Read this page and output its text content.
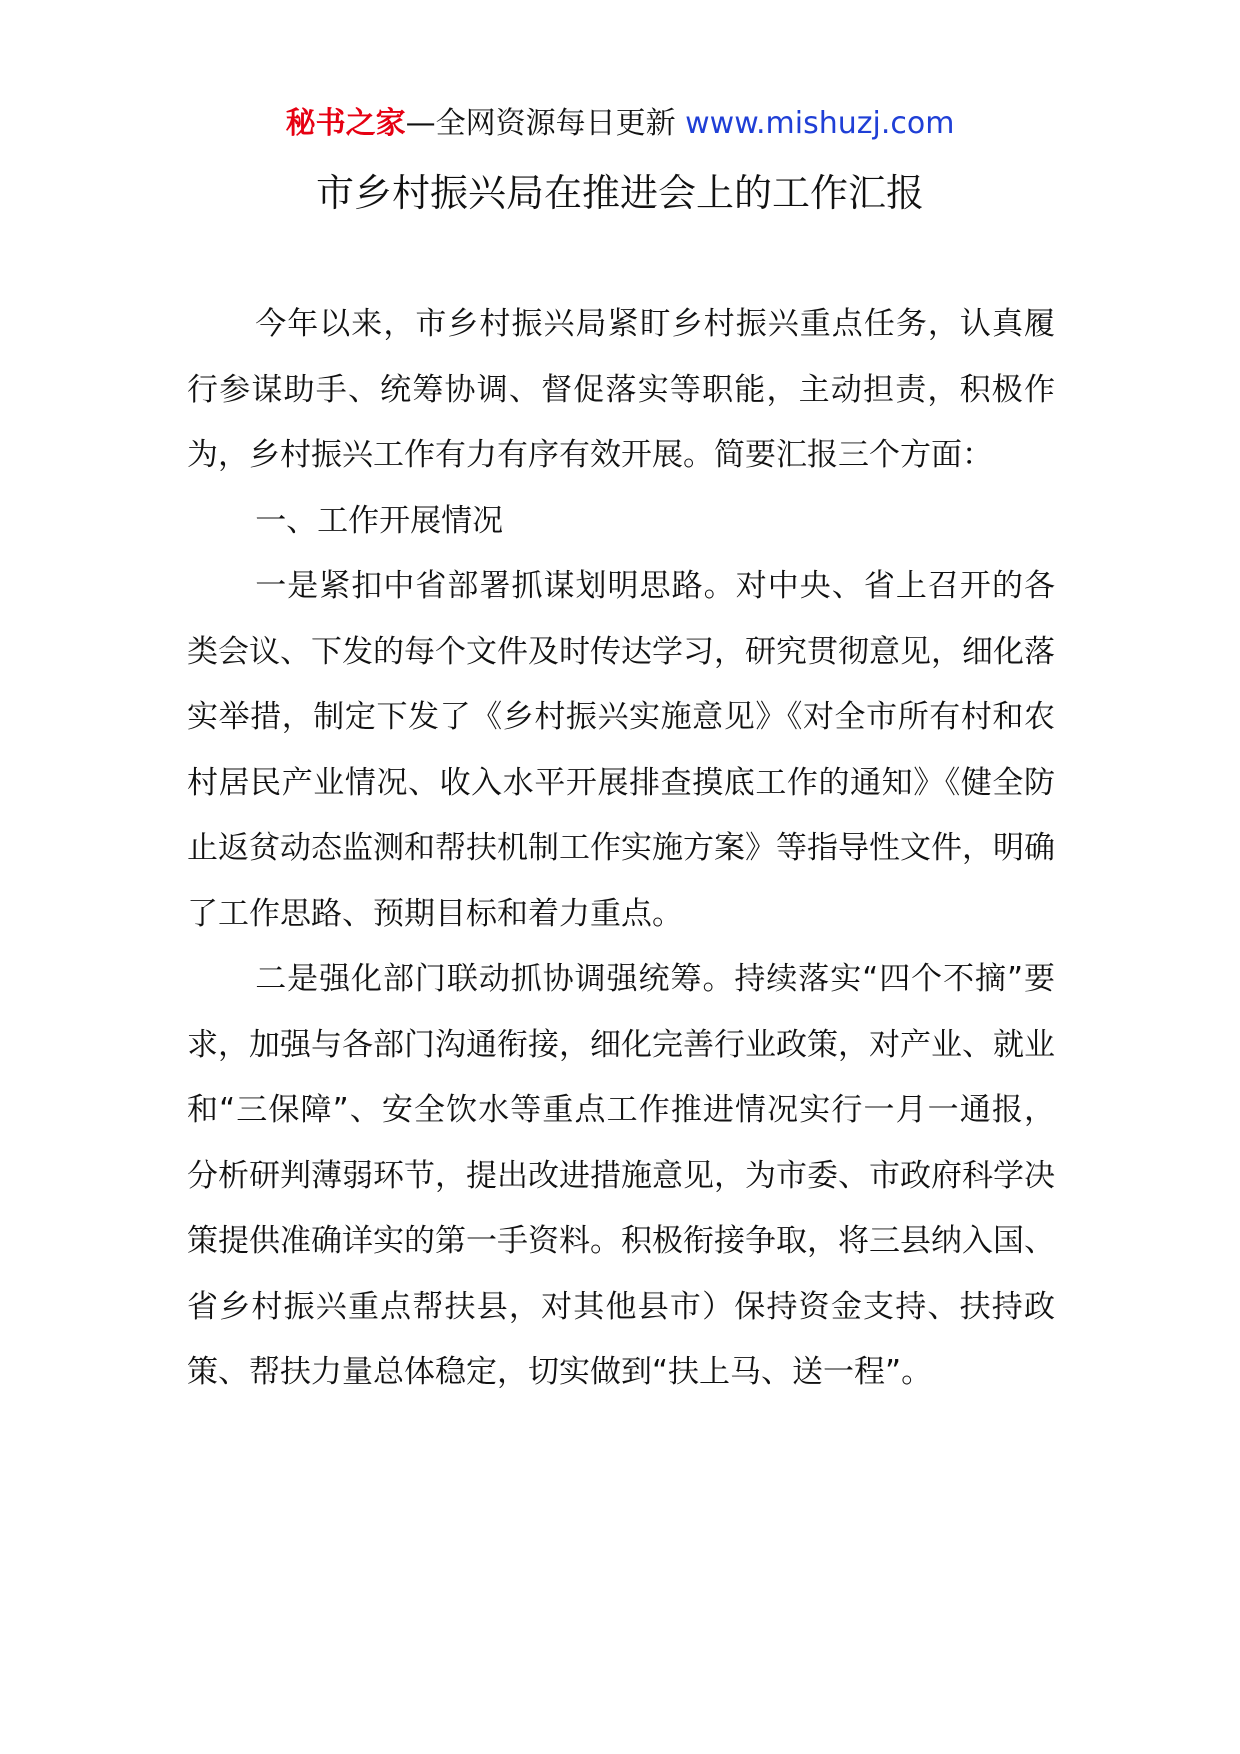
秘书之家—全网资源每日更新 www.mishuzj.com
市乡村振兴局在推进会上的工作汇报

今年以来，市乡村振兴局紧盯乡村振兴重点任务，认真履行参谋助手、统筹协调、督促落实等职能，主动担责，积极作为，乡村振兴工作有力有序有效开展。简要汇报三个方面：

一、工作开展情况

一是紧扣中省部署抓谋划明思路。对中央、省上召开的各类会议、下发的每个文件及时传达学习，研究贯彻意见，细化落实举措，制定下发了《乡村振兴实施意见》《对全市所有村和农村居民产业情况、收入水平开展排查摸底工作的通知》《健全防止返贫动态监测和帮扶机制工作实施方案》等指导性文件，明确了工作思路、预期目标和着力重点。

二是强化部门联动抓协调强统筹。持续落实“四个不摘”要求，加强与各部门沟通衔接，细化完善行业政策，对产业、就业和“三保障”、安全饮水等重点工作推进情况实行一月一通报，分析研判薄弱环节，提出改进措施意见，为市委、市政府科学决策提供准确详实的第一手资料。积极衔接争取，将三县纳入国、省乡村振兴重点帮扶县，对其他县市）保持资金支持、扶持政策、帮扶力量总体稳定，切实做到“扶上马、送一程”。
